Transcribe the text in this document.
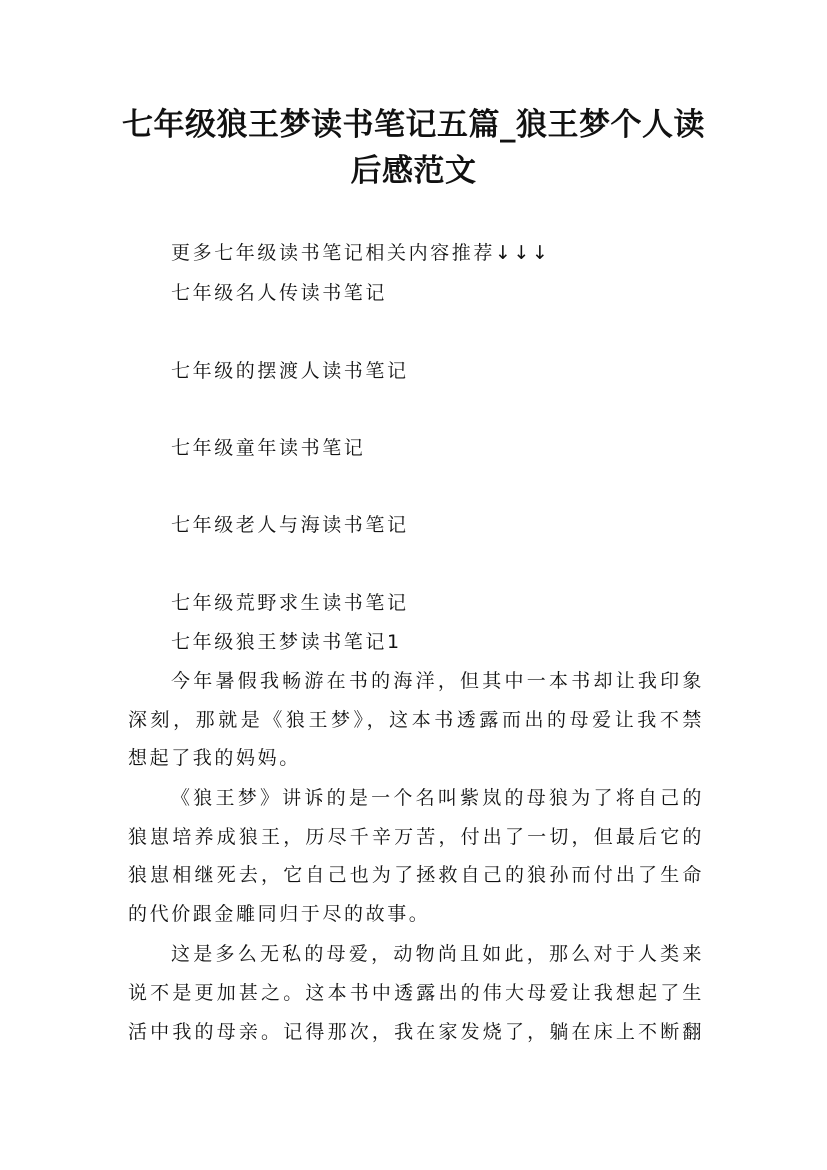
七年级狼王梦读书笔记五篇_狼王梦个人读
后感范文
更多七年级读书笔记相关内容推荐↓↓↓
七年级名人传读书笔记
七年级的摆渡人读书笔记
七年级童年读书笔记
七年级老人与海读书笔记
七年级荒野求生读书笔记
七年级狼王梦读书笔记1
今年暑假我畅游在书的海洋，但其中一本书却让我印象
深刻，那就是《狼王梦》，这本书透露而出的母爱让我不禁
想起了我的妈妈。
《狼王梦》讲诉的是一个名叫紫岚的母狼为了将自己的
狼崽培养成狼王，历尽千辛万苦，付出了一切，但最后它的
狼崽相继死去，它自己也为了拯救自己的狼孙而付出了生命
的代价跟金雕同归于尽的故事。
这是多么无私的母爱，动物尚且如此，那么对于人类来
说不是更加甚之。这本书中透露出的伟大母爱让我想起了生
活中我的母亲。记得那次，我在家发烧了，躺在床上不断翻
